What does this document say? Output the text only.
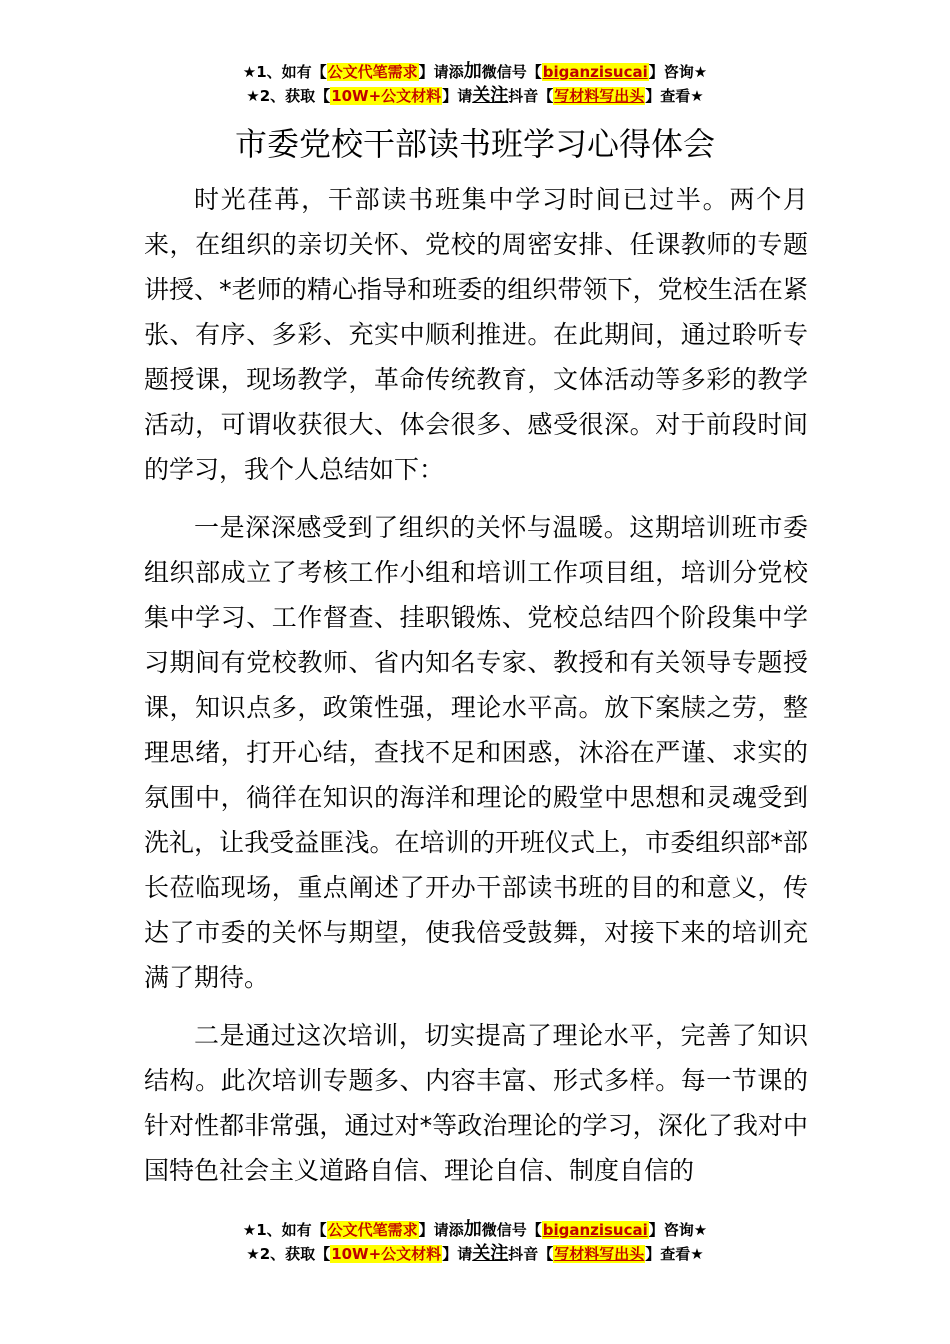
★1、如有【公文代笔需求】请添加微信号【biganzisucai】咨询★
★2、获取【10W+公文材料】请关注抖音【写材料写出头】查看★
市委党校干部读书班学习心得体会

时光荏苒，干部读书班集中学习时间已过半。两个月来，在组织的亲切关怀、党校的周密安排、任课教师的专题讲授、*老师的精心指导和班委的组织带领下，党校生活在紧张、有序、多彩、充实中顺利推进。在此期间，通过聆听专题授课，现场教学，革命传统教育，文体活动等多彩的教学活动，可谓收获很大、体会很多、感受很深。对于前段时间的学习，我个人总结如下：

一是深深感受到了组织的关怀与温暖。这期培训班市委组织部成立了考核工作小组和培训工作项目组，培训分党校集中学习、工作督查、挂职锻炼、党校总结四个阶段集中学习期间有党校教师、省内知名专家、教授和有关领导专题授课，知识点多，政策性强，理论水平高。放下案牍之劳，整理思绪，打开心结，查找不足和困惑，沐浴在严谨、求实的氛围中，徜徉在知识的海洋和理论的殿堂中思想和灵魂受到洗礼，让我受益匪浅。在培训的开班仪式上，市委组织部*部长莅临现场，重点阐述了开办干部读书班的目的和意义，传达了市委的关怀与期望，使我倍受鼓舞，对接下来的培训充满了期待。

二是通过这次培训，切实提高了理论水平，完善了知识结构。此次培训专题多、内容丰富、形式多样。每一节课的针对性都非常强，通过对*等政治理论的学习，深化了我对中国特色社会主义道路自信、理论自信、制度自信的

★1、如有【公文代笔需求】请添加微信号【biganzisucai】咨询★
★2、获取【10W+公文材料】请关注抖音【写材料写出头】查看★
